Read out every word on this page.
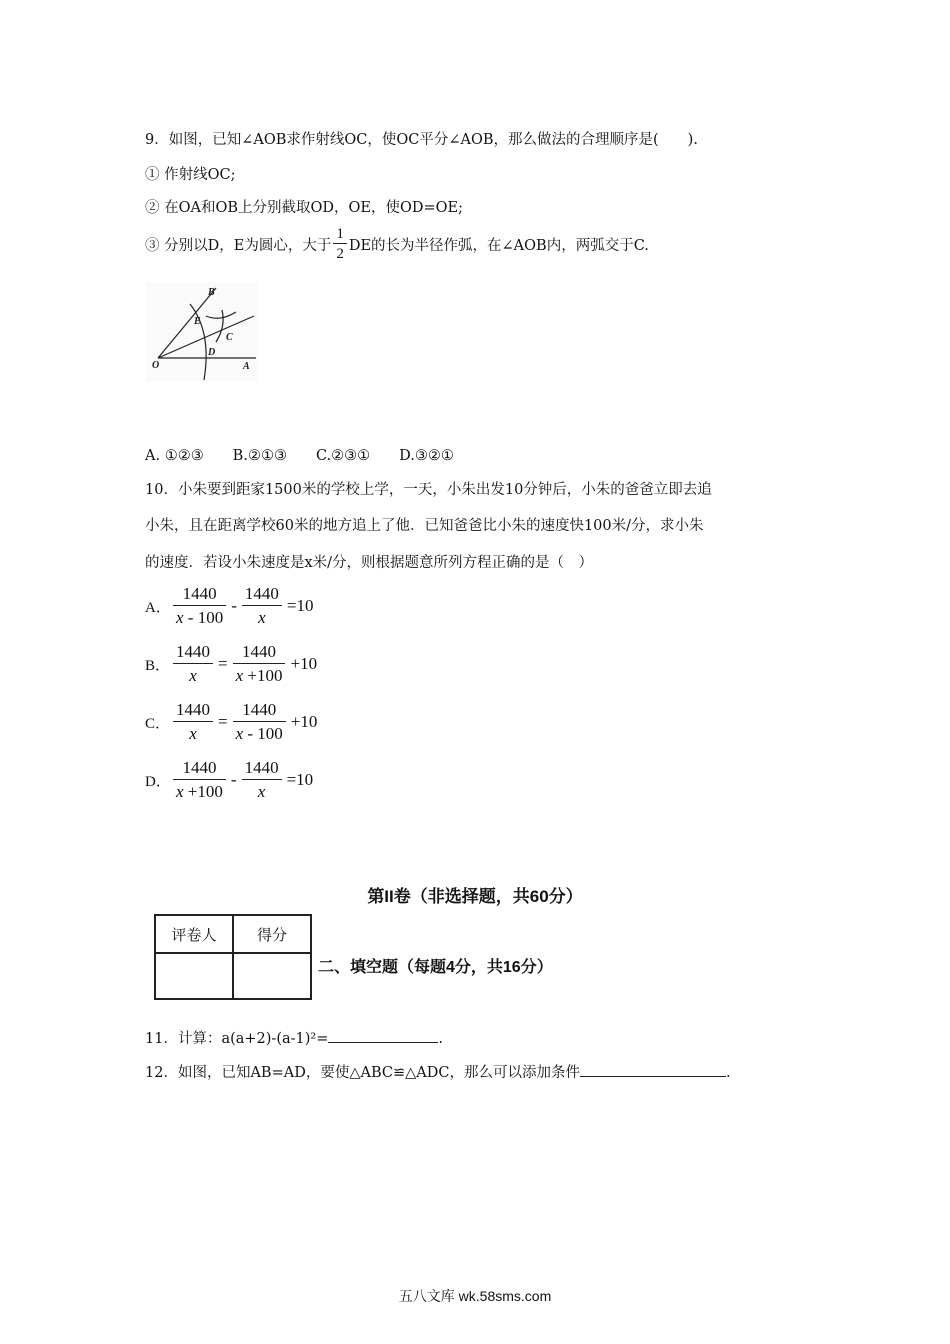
9．如图，已知∠AOB求作射线OC，使OC平分∠AOB，那么做法的合理顺序是(　　).
① 作射线OC;
② 在OA和OB上分别截取OD，OE，使OD=OE;
③ 分别以D，E为圆心，大于 $\frac{1}{2}$ DE的长为半径作弧，在∠AOB内，两弧交于C.
B
E
C
D
O	A
A. ①②③　　B.②①③　　C.②③①　　D.③②①
10．小朱要到距家1500米的学校上学，一天，小朱出发10分钟后，小朱的爸爸立即去追
小朱，且在距离学校60米的地方追上了他．已知爸爸比小朱的速度快100米/分，求小朱
的速度．若设小朱速度是x米/分，则根据题意所列方程正确的是（　）
A． $\frac{1440}{x - 100} - \frac{1440}{x} =10$
B． $\frac{1440}{x} = \frac{1440}{x +100} +10$
C． $\frac{1440}{x} = \frac{1440}{x - 100} +10$
D． $\frac{1440}{x +100} - \frac{1440}{x} =10$
第II卷（非选择题，共60分）
评卷人	得分

二、填空题（每题4分，共16分）
11．计算：a(a+2)-(a-1)²=	.
12．如图，已知AB=AD，要使△ABC≌△ADC，那么可以添加条件	.
五八文库 wk.58sms.com
